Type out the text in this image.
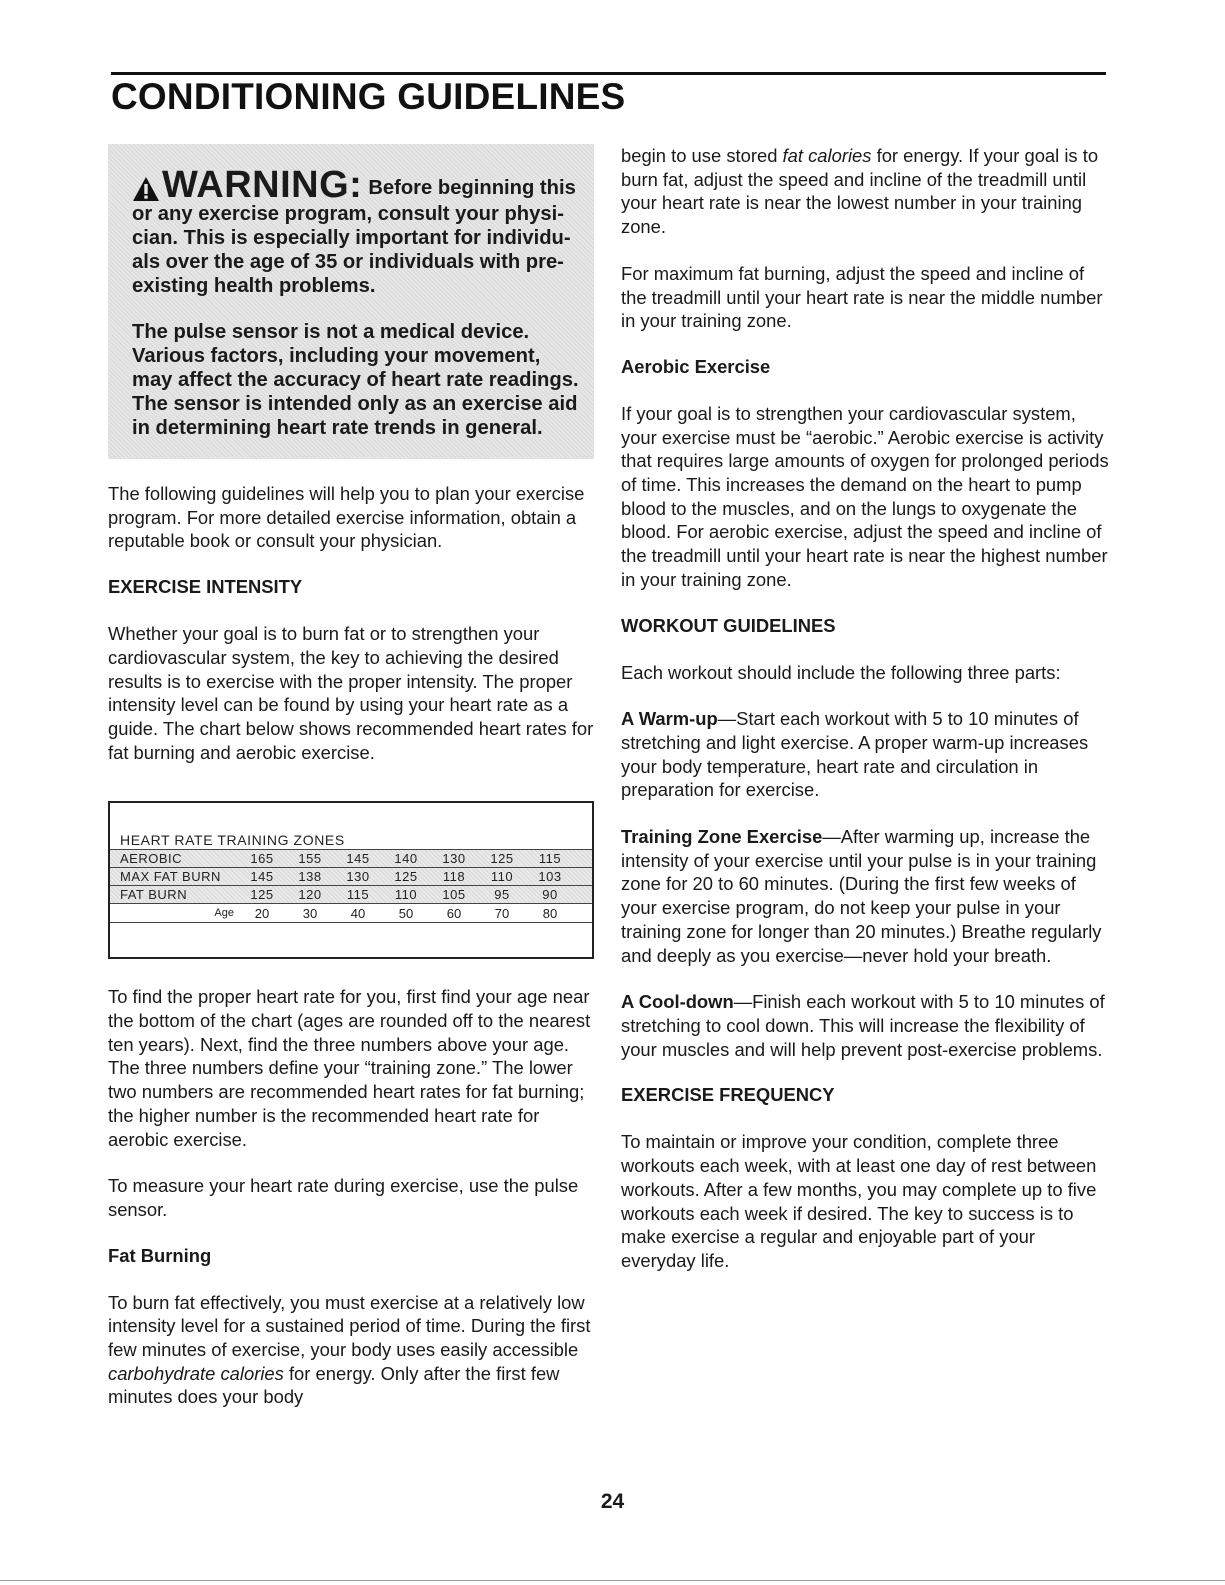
CONDITIONING GUIDELINES
WARNING: Before beginning this
or any exercise program, consult your physi-
cian. This is especially important for individu-
als over the age of 35 or individuals with pre-
existing health problems.
The pulse sensor is not a medical device.
Various factors, including your movement,
may affect the accuracy of heart rate readings.
The sensor is intended only as an exercise aid
in determining heart rate trends in general.

The following guidelines will help you to plan your exercise program. For more detailed exercise information, obtain a reputable book or consult your physician.

EXERCISE INTENSITY

Whether your goal is to burn fat or to strengthen your cardiovascular system, the key to achieving the desired results is to exercise with the proper intensity. The proper intensity level can be found by using your heart rate as a guide. The chart below shows recommended heart rates for fat burning and aerobic exercise.

HEART RATE TRAINING ZONES
AEROBIC	165	155	145	140	130	125	115
MAX FAT BURN	145	138	130	125	118	110	103
FAT BURN	125	120	115	110	105	95	90
Age	20	30	40	50	60	70	80

To find the proper heart rate for you, first find your age near the bottom of the chart (ages are rounded off to the nearest ten years). Next, find the three numbers above your age. The three numbers define your “training zone.” The lower two numbers are recommended heart rates for fat burning; the higher number is the recommended heart rate for aerobic exercise.

To measure your heart rate during exercise, use the pulse sensor.

Fat Burning

To burn fat effectively, you must exercise at a relatively low intensity level for a sustained period of time. During the first few minutes of exercise, your body uses easily accessible carbohydrate calories for energy. Only after the first few minutes does your body

begin to use stored fat calories for energy. If your goal is to burn fat, adjust the speed and incline of the treadmill until your heart rate is near the lowest number in your training zone.

For maximum fat burning, adjust the speed and incline of the treadmill until your heart rate is near the middle number in your training zone.

Aerobic Exercise

If your goal is to strengthen your cardiovascular system, your exercise must be “aerobic.” Aerobic exercise is activity that requires large amounts of oxygen for prolonged periods of time. This increases the demand on the heart to pump blood to the muscles, and on the lungs to oxygenate the blood. For aerobic exercise, adjust the speed and incline of the treadmill until your heart rate is near the highest number in your training zone.

WORKOUT GUIDELINES

Each workout should include the following three parts:

A Warm-up—Start each workout with 5 to 10 minutes of stretching and light exercise. A proper warm-up increases your body temperature, heart rate and circulation in preparation for exercise.

Training Zone Exercise—After warming up, increase the intensity of your exercise until your pulse is in your training zone for 20 to 60 minutes. (During the first few weeks of your exercise program, do not keep your pulse in your training zone for longer than 20 minutes.) Breathe regularly and deeply as you exercise—never hold your breath.

A Cool-down—Finish each workout with 5 to 10 minutes of stretching to cool down. This will increase the flexibility of your muscles and will help prevent post-exercise problems.

EXERCISE FREQUENCY

To maintain or improve your condition, complete three workouts each week, with at least one day of rest between workouts. After a few months, you may complete up to five workouts each week if desired. The key to success is to make exercise a regular and enjoyable part of your everyday life.

24
